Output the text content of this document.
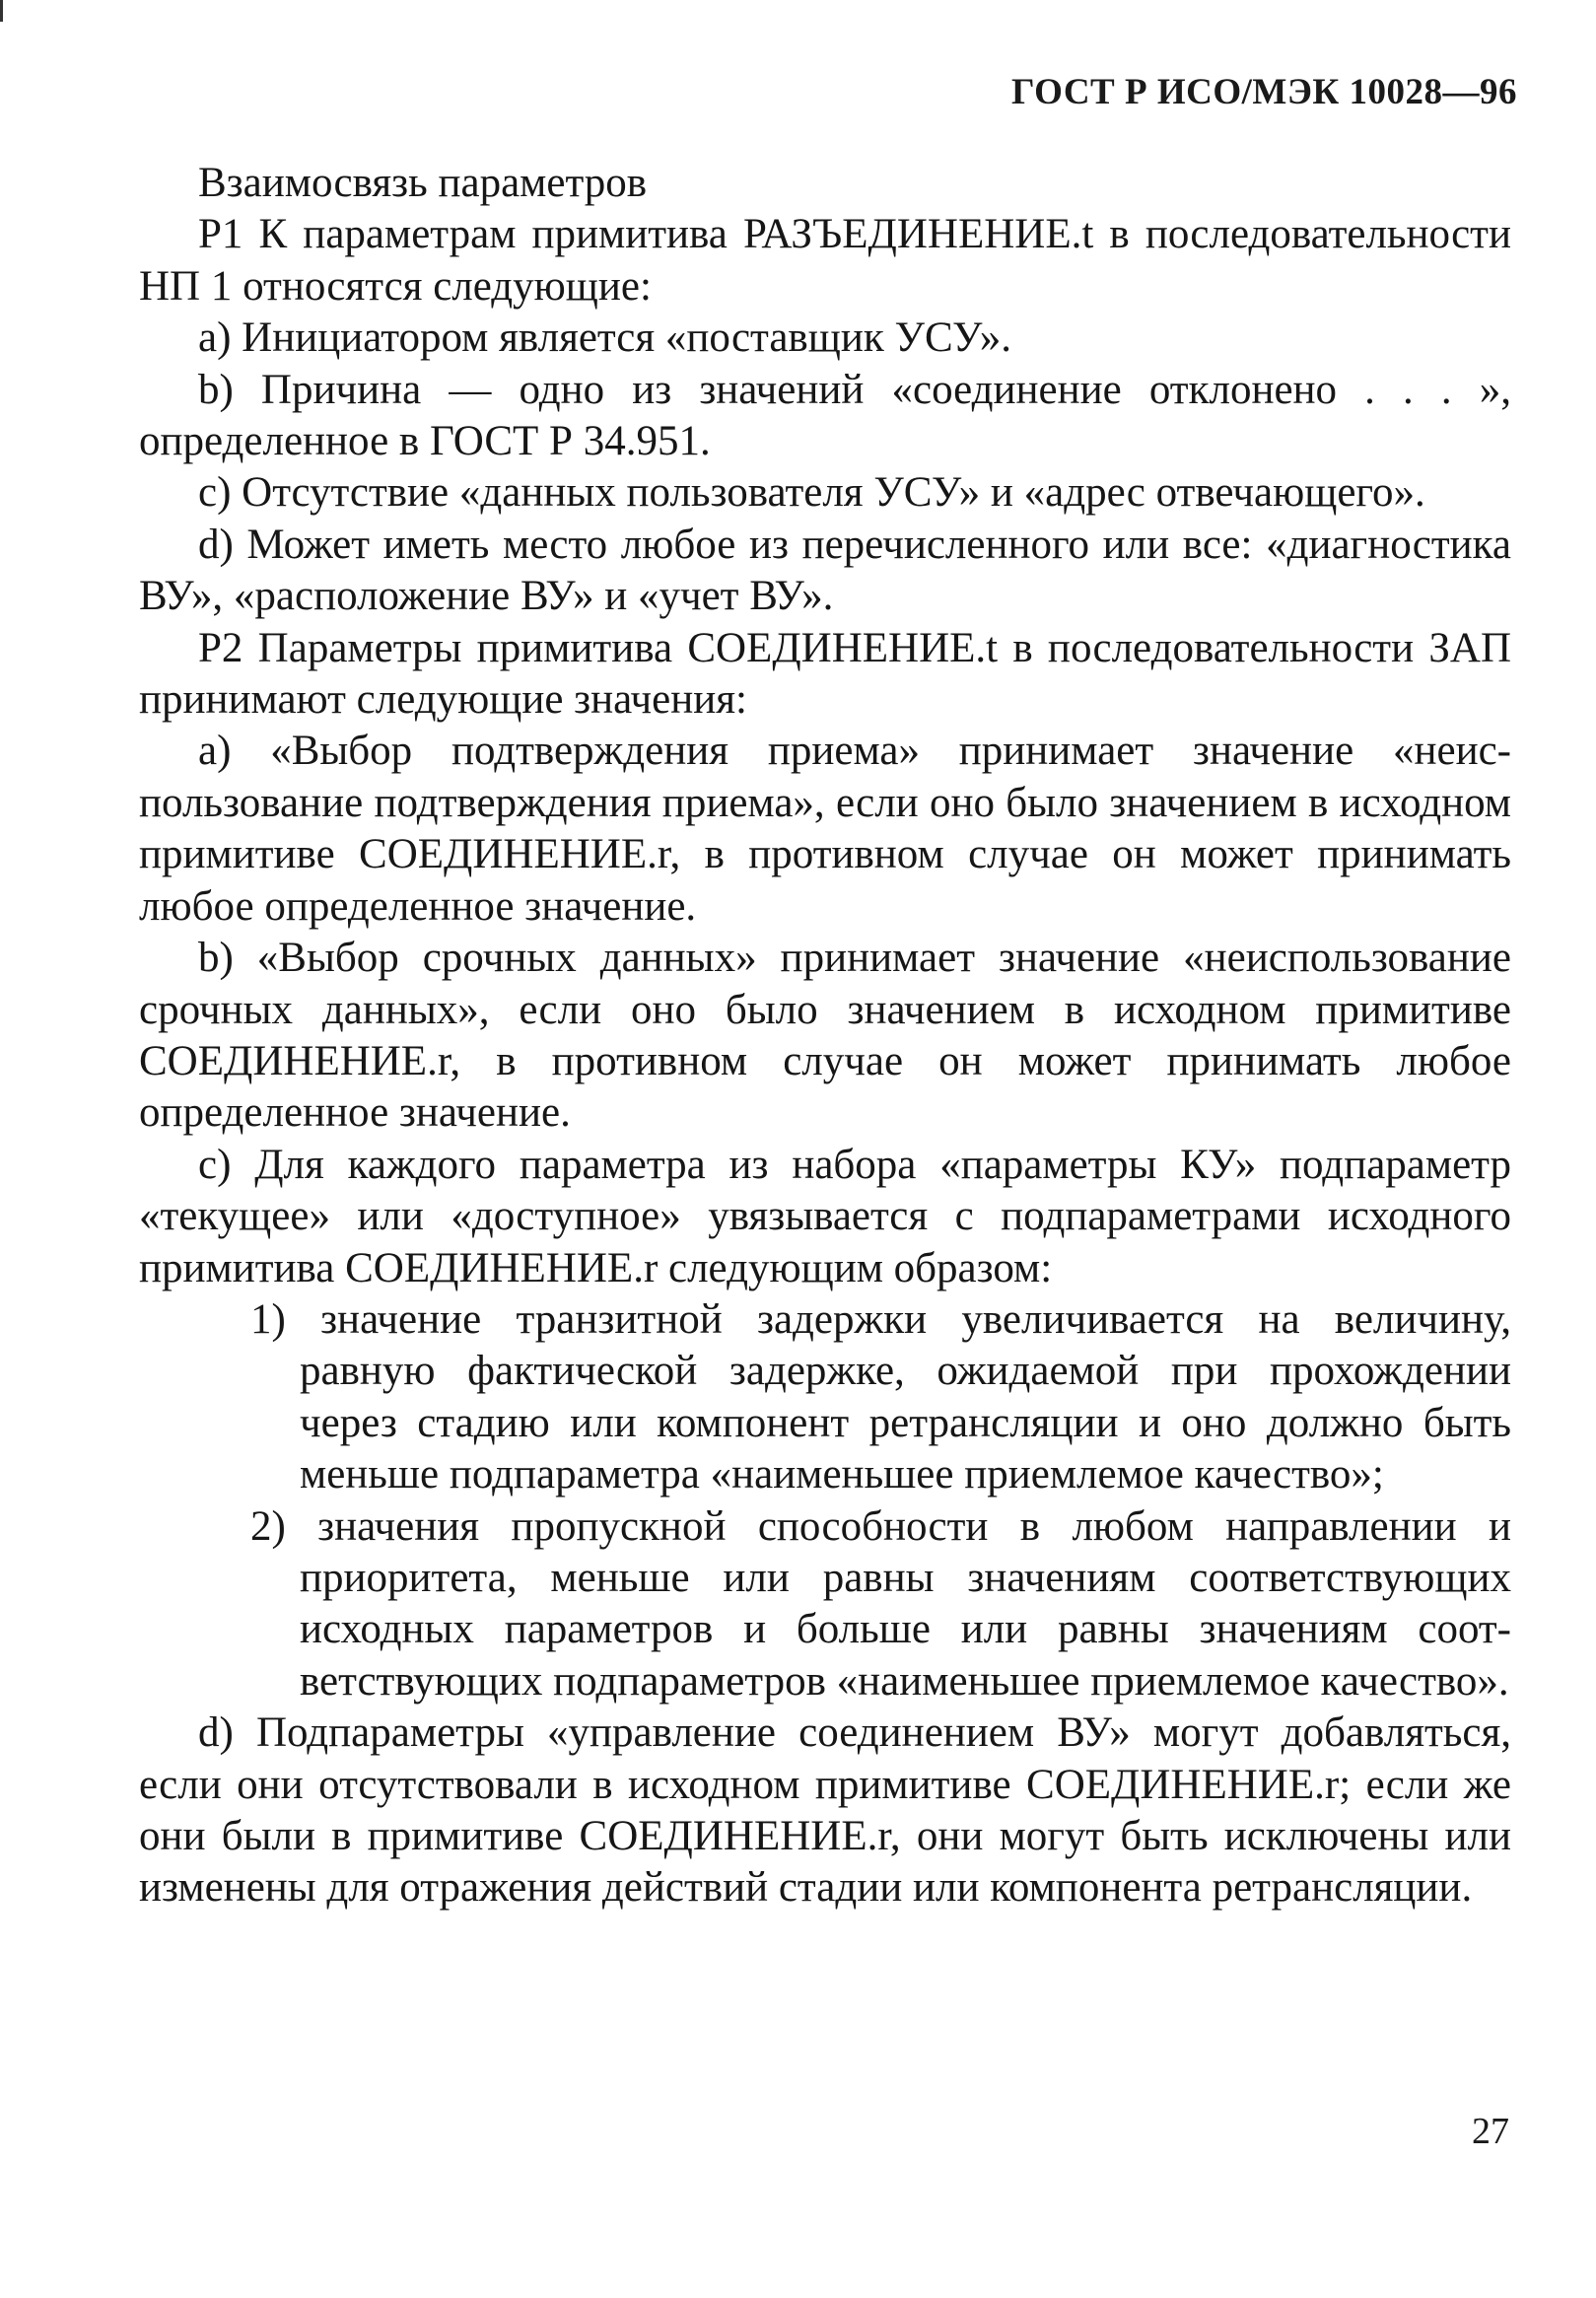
ГОСТ Р ИСО/МЭК 10028—96

Взаимосвязь параметров

Р1 К параметрам примитива РАЗЪЕДИНЕНИЕ.t в последовательности НП 1 относятся следующие:

а) Инициатором является «поставщик УСУ».

b) Причина — одно из значений «соединение отклонено . . . », определенное в ГОСТ Р 34.951.

с) Отсутствие «данных пользователя УСУ» и «адрес отвечающего».

d) Может иметь место любое из перечисленного или все: «диагностика ВУ», «расположение ВУ» и «учет ВУ».

Р2 Параметры примитива СОЕДИНЕНИЕ.t в последовательности ЗАП принимают следующие значения:

а) «Выбор подтверждения приема» принимает значение «неиспользование подтверждения приема», если оно было значением в исходном примитиве СОЕДИНЕНИЕ.r, в противном случае он может принимать любое определенное значение.

b) «Выбор срочных данных» принимает значение «неиспользование срочных данных», если оно было значением в исходном примитиве СОЕДИНЕНИЕ.r, в противном случае он может принимать любое определенное значение.

с) Для каждого параметра из набора «параметры КУ» подпараметр «текущее» или «доступное» увязывается с подпараметрами исходного примитива СОЕДИНЕНИЕ.r следующим образом:

1) значение транзитной задержки увеличивается на величину, равную фактической задержке, ожидаемой при прохождении через стадию или компонент ретрансляции и оно должно быть меньше подпараметра «наименьшее приемлемое качество»;

2) значения пропускной способности в любом направлении и приоритета, меньше или равны значениям соответствующих исходных параметров и больше или равны значениям соответствующих подпараметров «наименьшее приемлемое качество».

d) Подпараметры «управление соединением ВУ» могут добавляться, если они отсутствовали в исходном примитиве СОЕДИНЕНИЕ.r; если же они были в примитиве СОЕДИНЕНИЕ.r, они могут быть исключены или изменены для отражения действий стадии или компонента ретрансляции.

27
